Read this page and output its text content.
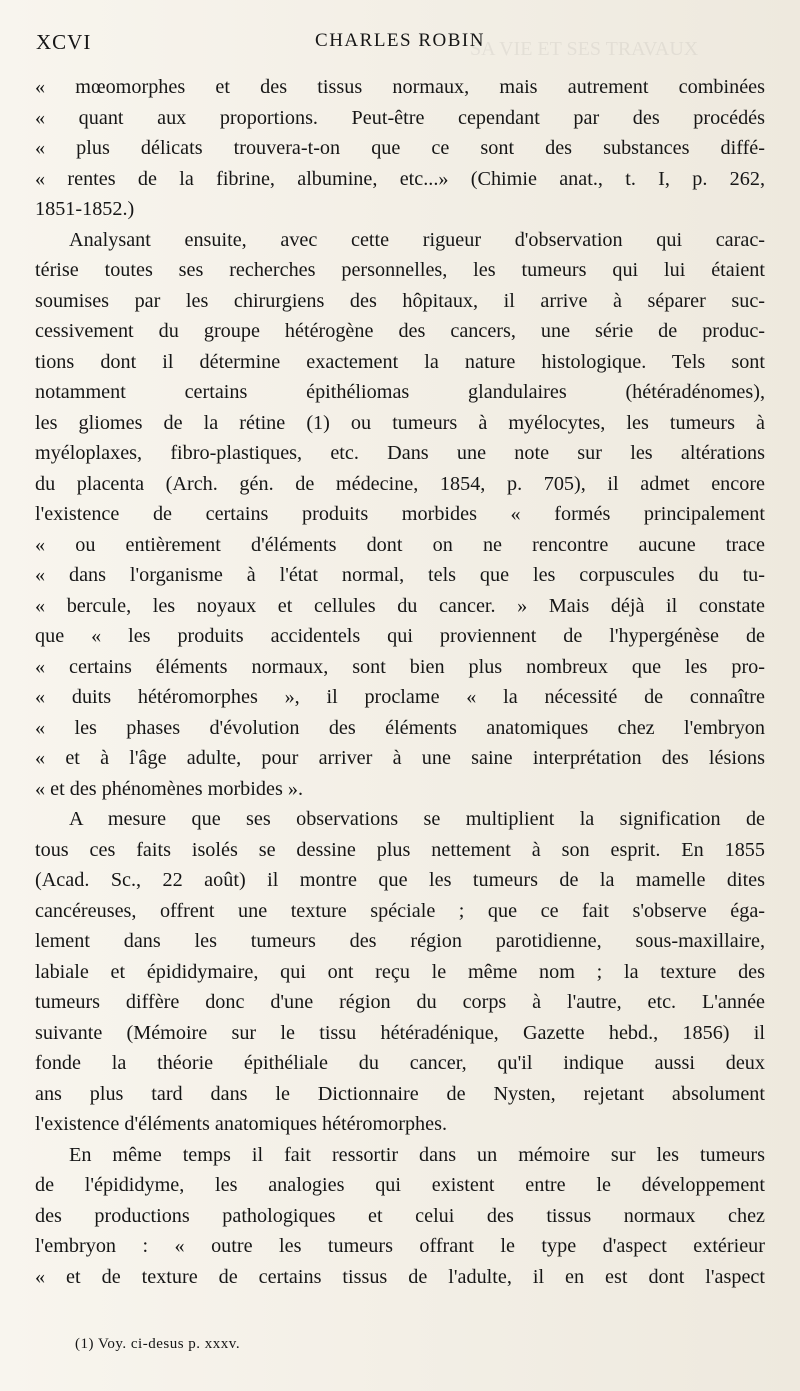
SA VIE ET SES TRAVAUX
XCVI	CHARLES ROBIN
« mœomorphes et des tissus normaux, mais autrement combinées
« quant aux proportions. Peut-être cependant par des procédés
« plus délicats trouvera-t-on que ce sont des substances diffé-
« rentes de la fibrine, albumine, etc...» (Chimie anat., t. I, p. 262,
1851-1852.)
Analysant ensuite, avec cette rigueur d'observation qui carac-
térise toutes ses recherches personnelles, les tumeurs qui lui étaient
soumises par les chirurgiens des hôpitaux, il arrive à séparer suc-
cessivement du groupe hétérogène des cancers, une série de produc-
tions dont il détermine exactement la nature histologique. Tels sont
notamment certains épithéliomas glandulaires (hétéradénomes),
les gliomes de la rétine (1) ou tumeurs à myélocytes, les tumeurs à
myéloplaxes, fibro-plastiques, etc. Dans une note sur les altérations
du placenta (Arch. gén. de médecine, 1854, p. 705), il admet encore
l'existence de certains produits morbides « formés principalement
« ou entièrement d'éléments dont on ne rencontre aucune trace
« dans l'organisme à l'état normal, tels que les corpuscules du tu-
« bercule, les noyaux et cellules du cancer. » Mais déjà il constate
que « les produits accidentels qui proviennent de l'hypergénèse de
« certains éléments normaux, sont bien plus nombreux que les pro-
« duits hétéromorphes », il proclame « la nécessité de connaître
« les phases d'évolution des éléments anatomiques chez l'embryon
« et à l'âge adulte, pour arriver à une saine interprétation des lésions
« et des phénomènes morbides ».
A mesure que ses observations se multiplient la signification de
tous ces faits isolés se dessine plus nettement à son esprit. En 1855
(Acad. Sc., 22 août) il montre que les tumeurs de la mamelle dites
cancéreuses, offrent une texture spéciale ; que ce fait s'observe éga-
lement dans les tumeurs des région parotidienne, sous-maxillaire,
labiale et épididymaire, qui ont reçu le même nom ; la texture des
tumeurs diffère donc d'une région du corps à l'autre, etc. L'année
suivante (Mémoire sur le tissu hétéradénique, Gazette hebd., 1856) il
fonde la théorie épithéliale du cancer, qu'il indique aussi deux
ans plus tard dans le Dictionnaire de Nysten, rejetant absolument
l'existence d'éléments anatomiques hétéromorphes.
En même temps il fait ressortir dans un mémoire sur les tumeurs
de l'épididyme, les analogies qui existent entre le développement
des productions pathologiques et celui des tissus normaux chez
l'embryon : « outre les tumeurs offrant le type d'aspect extérieur
« et de texture de certains tissus de l'adulte, il en est dont l'aspect
(1) Voy. ci-desus p. xxxv.
